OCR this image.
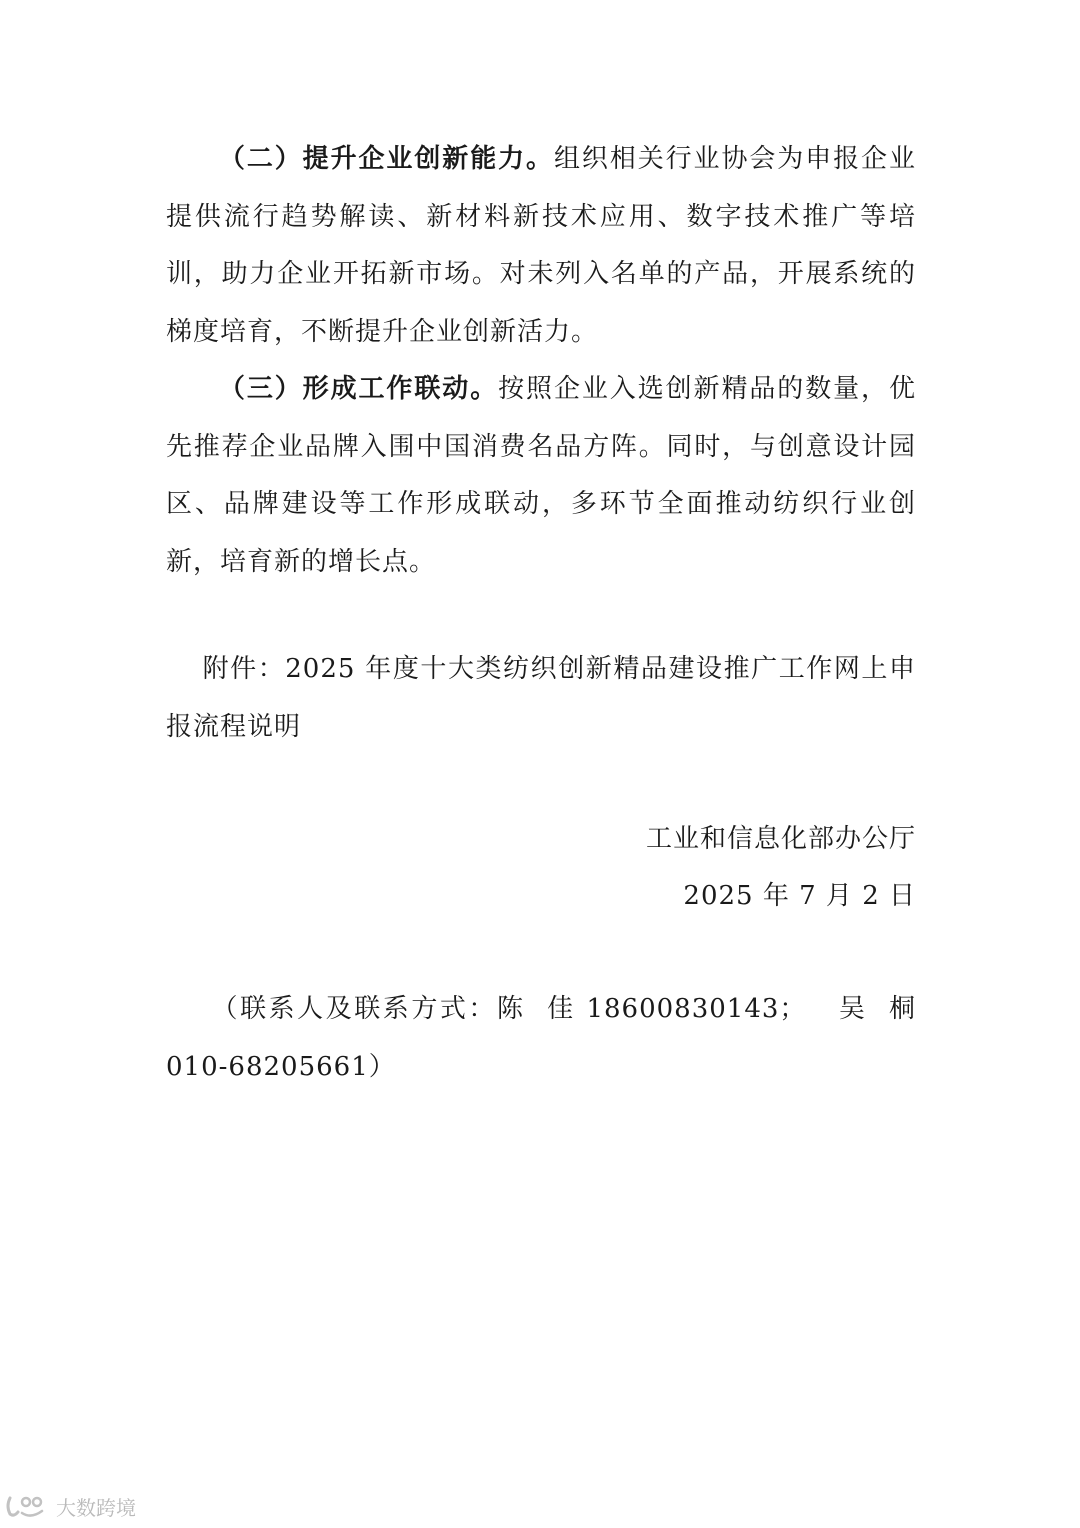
（二）提升企业创新能力。组织相关行业协会为申报企业提供流行趋势解读、新材料新技术应用、数字技术推广等培训，助力企业开拓新市场。对未列入名单的产品，开展系统的梯度培育，不断提升企业创新活力。

（三）形成工作联动。按照企业入选创新精品的数量，优先推荐企业品牌入围中国消费名品方阵。同时，与创意设计园区、品牌建设等工作形成联动，多环节全面推动纺织行业创新，培育新的增长点。

附件：2025 年度十大类纺织创新精品建设推广工作网上申报流程说明

工业和信息化部办公厅

2025 年 7 月 2 日

（联系人及联系方式：陈  佳 18600830143；   吴  桐 010-68205661）

大数跨境
